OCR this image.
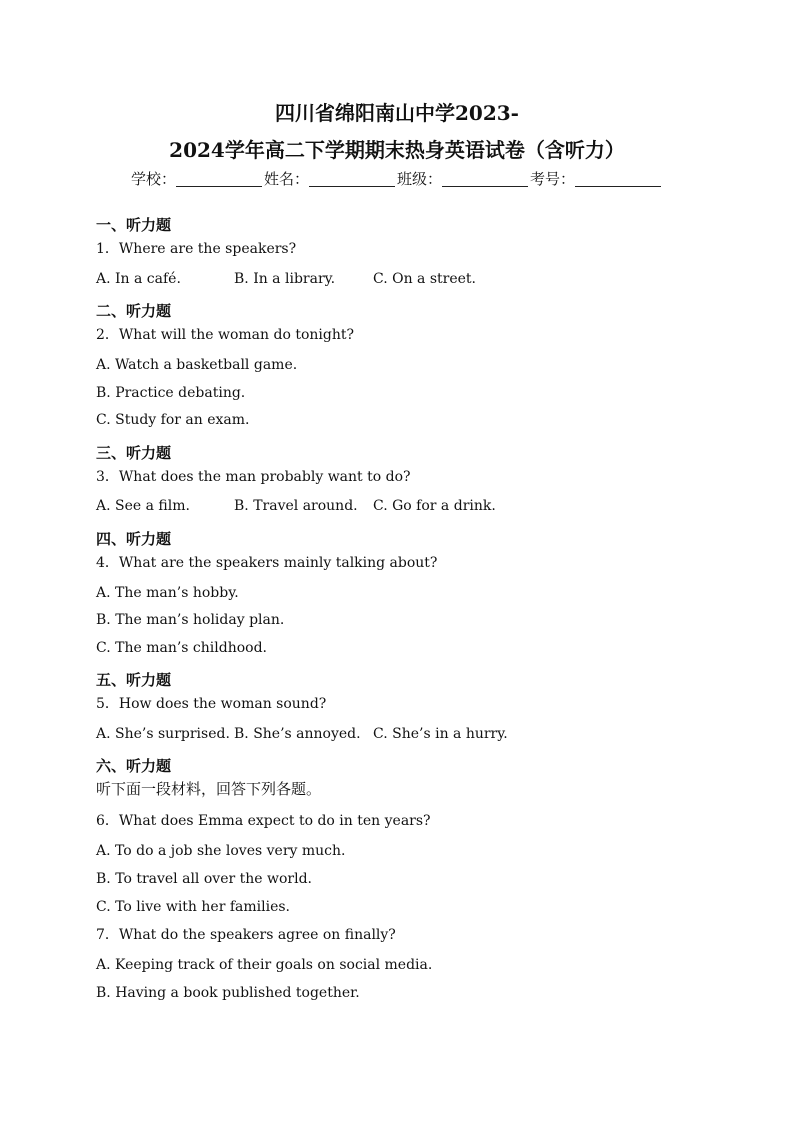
四川省绵阳南山中学2023-
2024学年高二下学期期末热身英语试卷（含听力）
学校：	姓名：	班级：	考号：
一、听力题
1．Where are the speakers?
A. In a café.	B. In a library.	C. On a street.
二、听力题
2．What will the woman do tonight?
A. Watch a basketball game.
B. Practice debating.
C. Study for an exam.
三、听力题
3．What does the man probably want to do?
A. See a film.	B. Travel around. C. Go for a drink.
四、听力题
4．What are the speakers mainly talking about?
A. The man’s hobby.
B. The man’s holiday plan.
C. The man’s childhood.
五、听力题
5．How does the woman sound?
A. She’s surprised. B. She’s annoyed. C. She’s in a hurry.
六、听力题
听下面一段材料，回答下列各题。
6．What does Emma expect to do in ten years?
A. To do a job she loves very much.
B. To travel all over the world.
C. To live with her families.
7．What do the speakers agree on finally?
A. Keeping track of their goals on social media.
B. Having a book published together.
